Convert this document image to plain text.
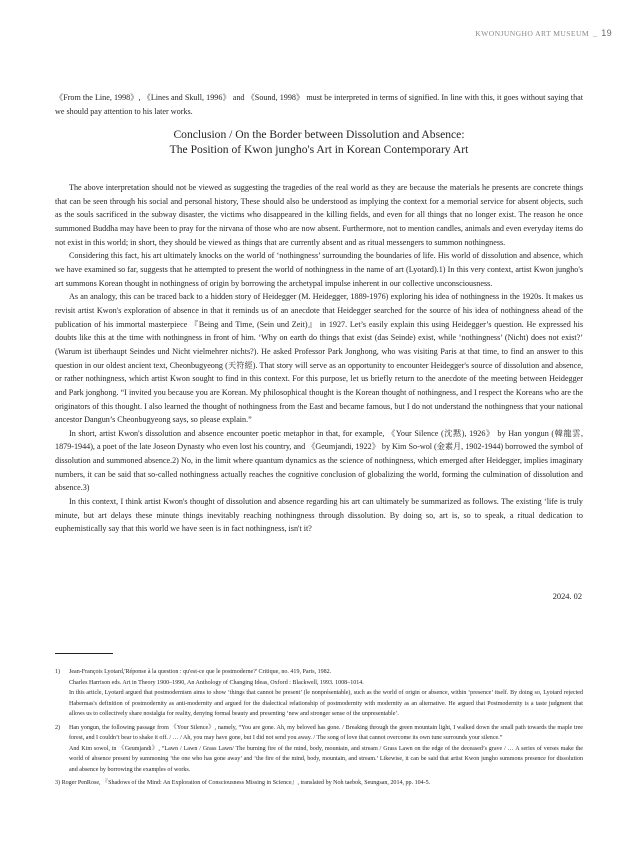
KWONJUNGHO ART MUSEUM _ 19

《From the Line, 1998》, 《Lines and Skull, 1996》 and 《Sound, 1998》 must be interpreted in terms of signified. In line with this, it goes without saying that we should pay attention to his later works.

Conclusion / On the Border between Dissolution and Absence:
The Position of Kwon jungho's Art in Korean Contemporary Art

The above interpretation should not be viewed as suggesting the tragedies of the real world as they are because the materials he presents are concrete things that can be seen through his social and personal history, These should also be understood as implying the context for a memorial service for absent objects, such as the souls sacrificed in the subway disaster, the victims who disappeared in the killing fields, and even for all things that no longer exist. The reason he once summoned Buddha may have been to pray for the nirvana of those who are now absent. Furthermore, not to mention candles, animals and even everyday items do not exist in this world; in short, they should be viewed as things that are currently absent and as ritual messengers to summon nothingness.

Considering this fact, his art ultimately knocks on the world of ‘nothingness’ surrounding the boundaries of life. His world of dissolution and absence, which we have examined so far, suggests that he attempted to present the world of nothingness in the name of art (Lyotard).1) In this very context, artist Kwon jungho's art summons Korean thought in nothingness of origin by borrowing the archetypal impulse inherent in our collective unconsciousness.

As an analogy, this can be traced back to a hidden story of Heidegger (M. Heidegger, 1889-1976) exploring his idea of nothingness in the 1920s. It makes us revisit artist Kwon's exploration of absence in that it reminds us of an anecdote that Heidegger searched for the source of his idea of nothingness ahead of the publication of his immortal masterpiece 『Being and Time, (Sein und Zeit)』 in 1927. Let’s easily explain this using Heidegger’s question. He expressed his doubts like this at the time with nothingness in front of him. ‘Why on earth do things that exist (das Seinde) exist, while ‘nothingness’ (Nicht) does not exist?’ (Warum ist überhaupt Seindes und Nicht vielmehrer nichts?). He asked Professor Park Jonghong, who was visiting Paris at that time, to find an answer to this question in our oldest ancient text, Cheonbugyeong (天符經). That story will serve as an opportunity to encounter Heidegger's source of dissolution and absence, or rather nothingness, which artist Kwon sought to find in this context. For this purpose, let us briefly return to the anecdote of the meeting between Heidegger and Park jonghong. “I invited you because you are Korean. My philosophical thought is the Korean thought of nothingness, and I respect the Koreans who are the originators of this thought. I also learned the thought of nothingness from the East and became famous, but I do not understand the nothingness that your national ancestor Dangun’s Cheonbugyeong says, so please explain.”

In short, artist Kwon's dissolution and absence encounter poetic metaphor in that, for example, 《Your Silence (沈黙), 1926》 by Han yongun (韓龍雲, 1879-1944), a poet of the late Joseon Dynasty who even lost his country, and 《Geumjandi, 1922》 by Kim So-wol (金素月, 1902-1944) borrowed the symbol of dissolution and summoned absence.2) No, in the limit where quantum dynamics as the science of nothingness, which emerged after Heidegger, implies imaginary numbers, it can be said that so-called nothingness actually reaches the cognitive conclusion of globalizing the world, forming the culmination of dissolution and absence.3)

In this context, I think artist Kwon's thought of dissolution and absence regarding his art can ultimately be summarized as follows. The existing ‘life is truly minute, but art delays these minute things inevitably reaching nothingness through dissolution. By doing so, art is, so to speak, a ritual dedication to euphemistically say that this world we have seen is in fact nothingness, isn't it?

2024. 02
1) Jean-François Lyotard,'Réponse à la question : qu'est-ce que le postmoderne?' Critique, no. 419, Paris, 1982.

Charles Harrison eds. Art in Theory 1900–1990, An Anthology of Changing Ideas, Oxford : Blackwell, 1993. 1008–1014.

In this article, Lyotard argued that postmodernism aims to show ‘things that cannot be present’ (le nonprésentable), such as the world of origin or absence, within ‘presence’ itself. By doing so, Lyotard rejected Habermas's definition of postmodernity as anti-modernity and argued for the dialectical relationship of postmodernity with modernity as an alternative. He argued that Postmodernity is a taste judgment that allows us to collectively share nostalgia for reality, denying formal beauty and presenting ‘new and stronger sense of the unpresentable’.

2) Han yongun, the following passage from 《Your Silence》, namely, “You are gone. Ah, my beloved has gone. / Breaking through the green mountain light, I walked down the small path towards the maple tree forest, and I couldn’t bear to shake it off. / … / Ah, you may have gone, but I did not send you away. / The song of love that cannot overcome its own tune surrounds your silence.”

And Kim sowol, in 《Geumjandi》, “Lawn / Lawn / Grass Lawn/ The burning fire of the mind, body, mountain, and stream / Grass Lawn on the edge of the deceased’s grave / … A series of verses make the world of absence present by summoning ‘the one who has gone away’ and ‘the fire of the mind, body, mountain, and stream.’ Likewise, it can be said that artist Kwon jungho summons presence for dissolution and absence by borrowing the examples of works.

3) Roger PenRose, 『Shadows of the Mind: An Exploration of Consciousness Missing in Science』, translated by Noh taebok, Seungsan, 2014, pp. 104-5.
